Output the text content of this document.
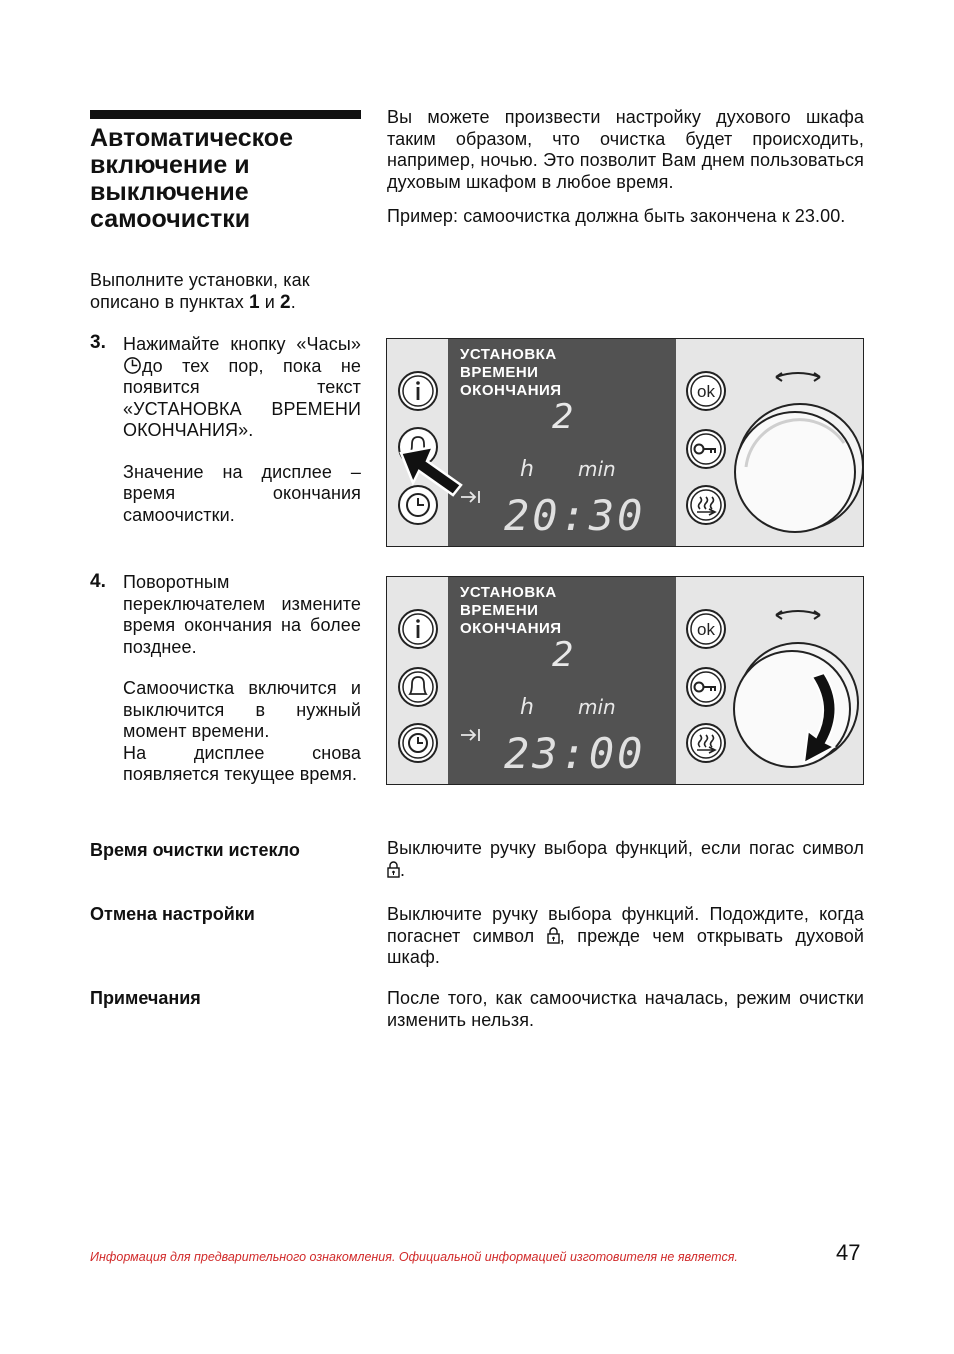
Автоматическое включение и выключение самоочистки

Вы можете произвести настройку духового шкафа таким образом, что очистка будет происходить, например, ночью. Это позволит Вам днем пользоваться духовым шкафом в любое время.

Пример: самоочистка должна быть закончена к 23.00.

Выполните установки, как описано в пунктах 1 и 2.
3. Нажимайте кнопку «Часы»до тех пор, пока не появится текст «УСТАНОВКА ВРЕМЕНИ ОКОНЧАНИЯ».

Значение на дисплее – время окончания самоочистки.

4. Поворотным переключателем измените время окончания на более позднее.

Самоочистка включится и выключится в нужный момент времени.

На дисплее снова появляется текущее время.

УСТАНОВКА
ВРЕМЕНИ
ОКОНЧАНИЯ
2
h min
20:30
ok
УСТАНОВКА
ВРЕМЕНИ
ОКОНЧАНИЯ
2
h min
23:00
ok
Время очистки истекло	Выключите ручку выбора функций, если погас символ .
Отмена настройки	Выключите ручку выбора функций. Подождите, когда погаснет символ , прежде чем открывать духовой шкаф.
Примечания	После того, как самоочистка началась, режим очистки изменить нельзя.
Информация для предварительного ознакомления. Официальной информацией изготовителя не является.	47
